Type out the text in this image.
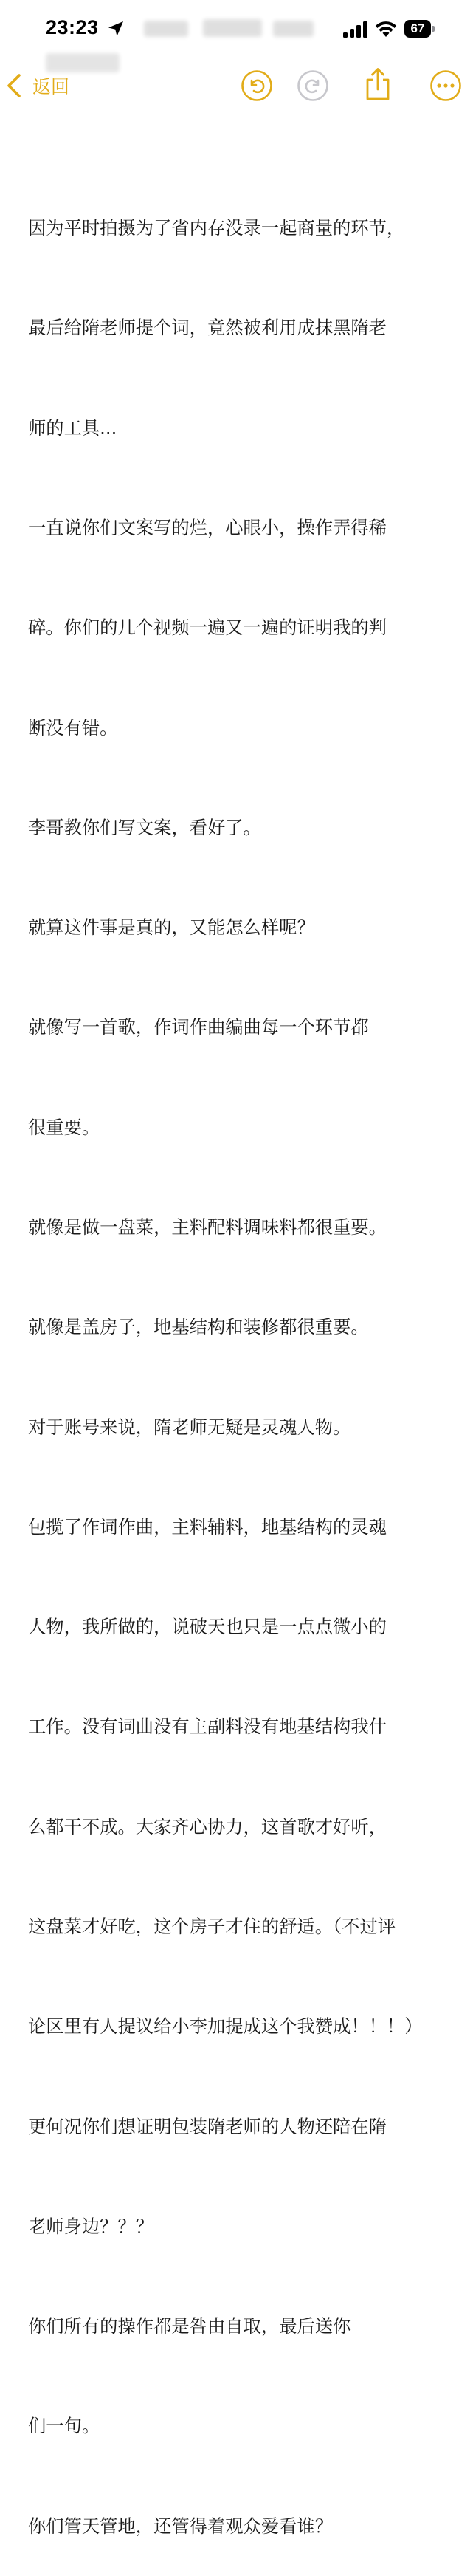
23:23	67
返回

因为平时拍摄为了省内存没录一起商量的环节，

最后给隋老师提个词，竟然被利用成抹黑隋老

师的工具...

一直说你们文案写的烂，心眼小，操作弄得稀

碎。你们的几个视频一遍又一遍的证明我的判

断没有错。

李哥教你们写文案，看好了。

就算这件事是真的，又能怎么样呢？

就像写一首歌，作词作曲编曲每一个环节都

很重要。

就像是做一盘菜，主料配料调味料都很重要。

就像是盖房子，地基结构和装修都很重要。

对于账号来说，隋老师无疑是灵魂人物。

包揽了作词作曲，主料辅料，地基结构的灵魂

人物，我所做的，说破天也只是一点点微小的

工作。没有词曲没有主副料没有地基结构我什

么都干不成。大家齐心协力，这首歌才好听，

这盘菜才好吃，这个房子才住的舒适。（不过评

论区里有人提议给小李加提成这个我赞成！！！）

更何况你们想证明包装隋老师的人物还陪在隋

老师身边？？？

你们所有的操作都是咎由自取，最后送你

们一句。

你们管天管地，还管得着观众爱看谁？
